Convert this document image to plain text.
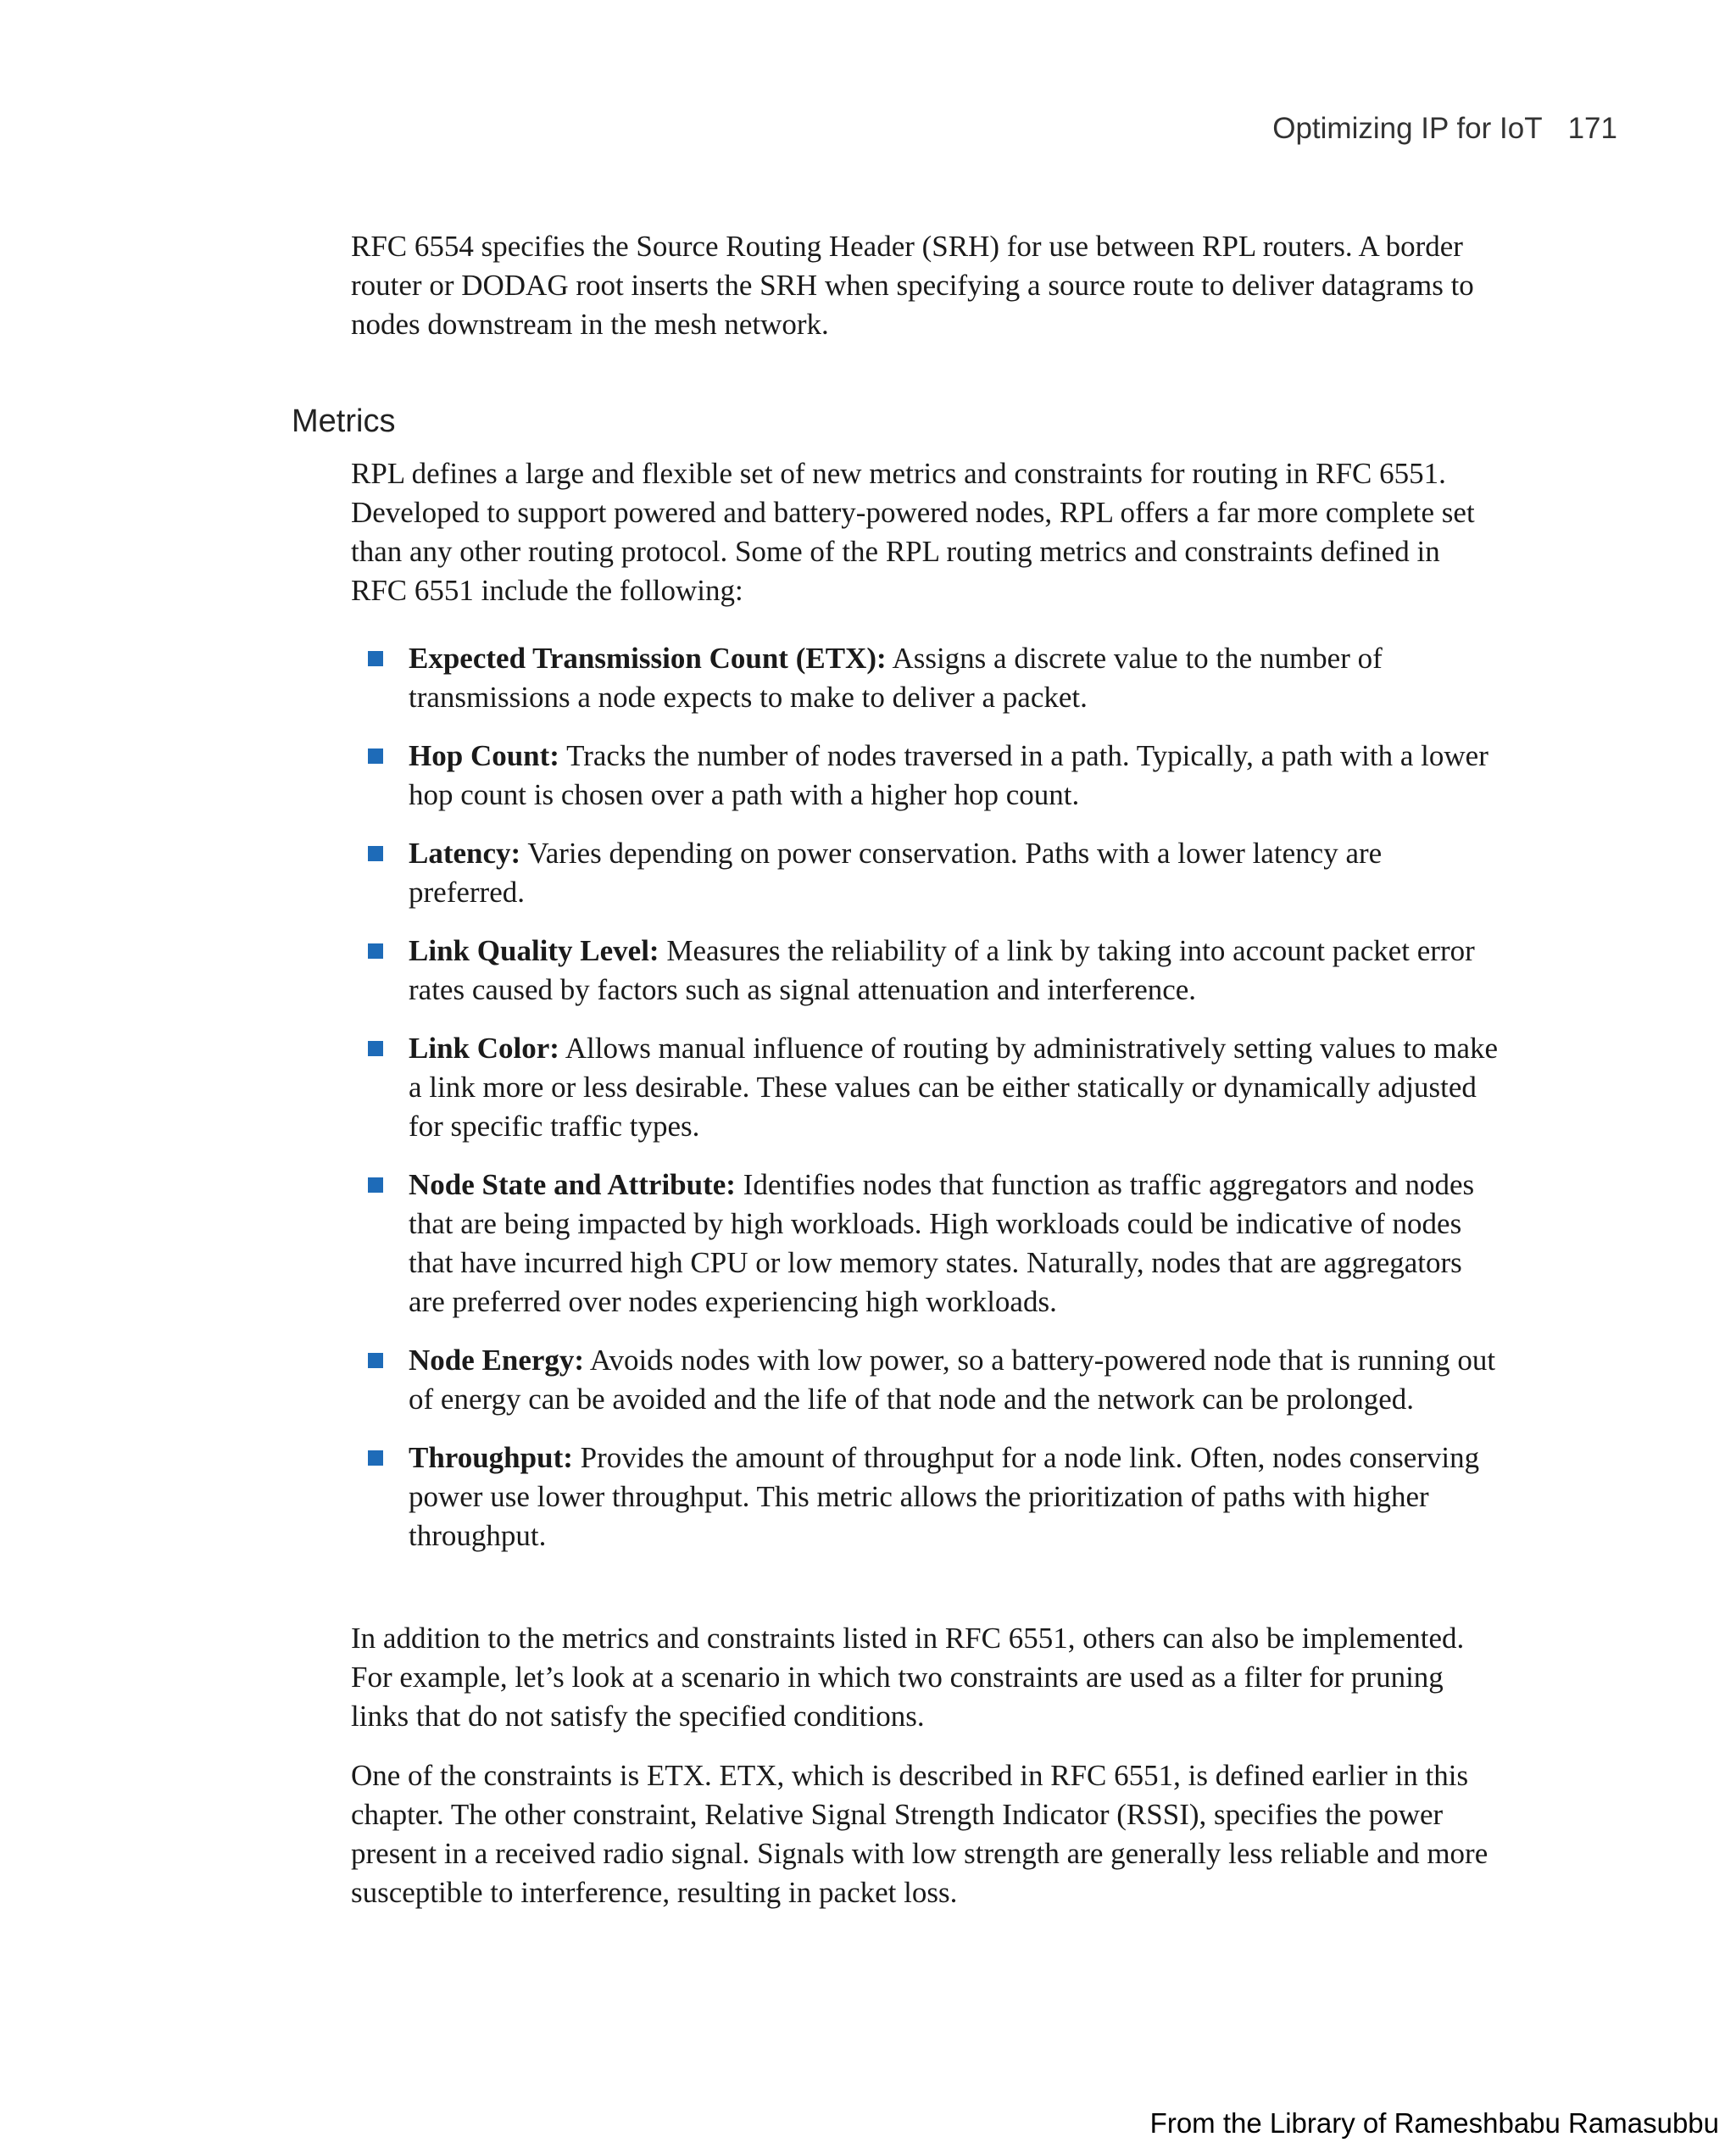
Optimizing IP for IoT 171

RFC 6554 specifies the Source Routing Header (SRH) for use between RPL routers. A border router or DODAG root inserts the SRH when specifying a source route to deliver datagrams to nodes downstream in the mesh network.

Metrics

RPL defines a large and flexible set of new metrics and constraints for routing in RFC 6551. Developed to support powered and battery-powered nodes, RPL offers a far more complete set than any other routing protocol. Some of the RPL routing metrics and constraints defined in RFC 6551 include the following:

Expected Transmission Count (ETX): Assigns a discrete value to the number of transmissions a node expects to make to deliver a packet.
Hop Count: Tracks the number of nodes traversed in a path. Typically, a path with a lower hop count is chosen over a path with a higher hop count.
Latency: Varies depending on power conservation. Paths with a lower latency are preferred.
Link Quality Level: Measures the reliability of a link by taking into account packet error rates caused by factors such as signal attenuation and interference.
Link Color: Allows manual influence of routing by administratively setting values to make a link more or less desirable. These values can be either statically or dynamically adjusted for specific traffic types.
Node State and Attribute: Identifies nodes that function as traffic aggregators and nodes that are being impacted by high workloads. High workloads could be indicative of nodes that have incurred high CPU or low memory states. Naturally, nodes that are aggregators are preferred over nodes experiencing high workloads.
Node Energy: Avoids nodes with low power, so a battery-powered node that is running out of energy can be avoided and the life of that node and the network can be prolonged.
Throughput: Provides the amount of throughput for a node link. Often, nodes conserving power use lower throughput. This metric allows the prioritization of paths with higher throughput.

In addition to the metrics and constraints listed in RFC 6551, others can also be implemented. For example, let’s look at a scenario in which two constraints are used as a filter for pruning links that do not satisfy the specified conditions.

One of the constraints is ETX. ETX, which is described in RFC 6551, is defined earlier in this chapter. The other constraint, Relative Signal Strength Indicator (RSSI), specifies the power present in a received radio signal. Signals with low strength are generally less reliable and more susceptible to interference, resulting in packet loss.

From the Library of Rameshbabu Ramasubbu
